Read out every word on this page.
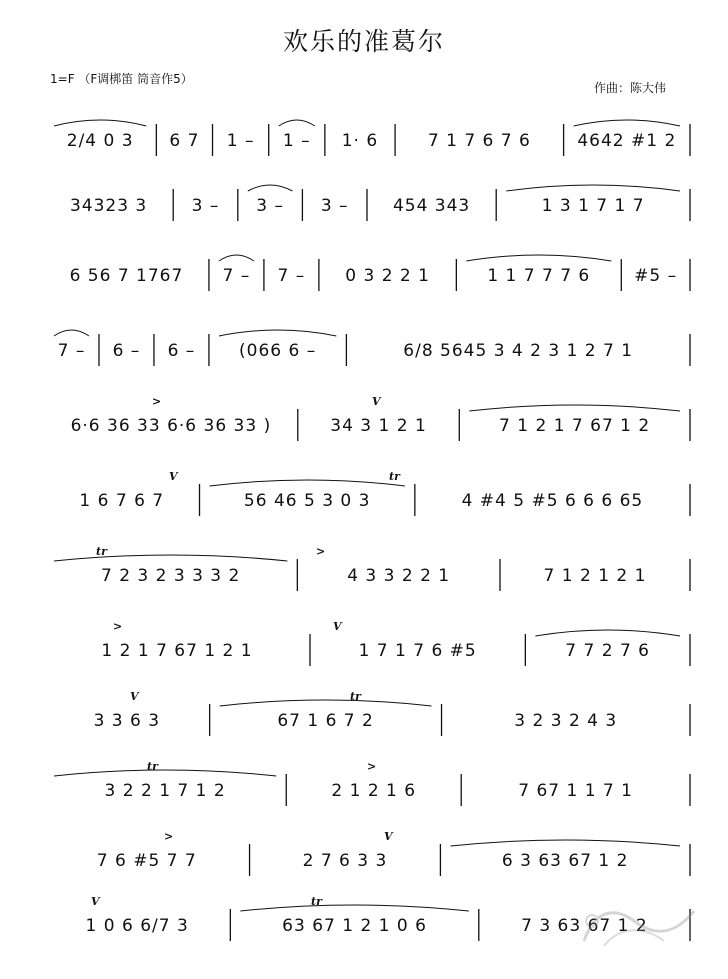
欢乐的准葛尔
1=F （F调梆笛 筒音作5）
作曲：陈大伟
2/4 0 3	6 7	1 –	1 –	1· 6	7 1 7 6 7 6	4642 #1 2
34323 3	3 –	3 –	3 –	454 343	1 3 1 7 1 7
6 56 7 1767	7 –	7 –	0 3 2 2 1	1 1 7 7 7 6	#5 –
7 –	6 –	6 –	(066 6 –	6/8 5645 3 4 2 3 1 2 7 1
6·6 36 33 6·6 36 33 )	34 3 1 2 1	7 1 2 1 7 67 1 2
>	V
1 6 7 6 7	56 46 5 3 0 3	4 #4 5 #5 6 6 6 65
V	tr
7 2 3 2 3 3 3 2	4 3 3 2 2 1	7 1 2 1 2 1
tr	>
1 2 1 7 67 1 2 1	1 7 1 7 6 #5	7 7 2 7 6
>	V
3 3 6 3	67 1 6 7 2	3 2 3 2 4 3
V	tr
3 2 2 1 7 1 2	2 1 2 1 6	7 67 1 1 7 1
tr	>
7 6 #5 7 7	2 7 6 3 3	6 3 63 67 1 2
>	V
1 0 6 6/7 3	63 67 1 2 1 0 6	7 3 63 67 1 2
V	tr
